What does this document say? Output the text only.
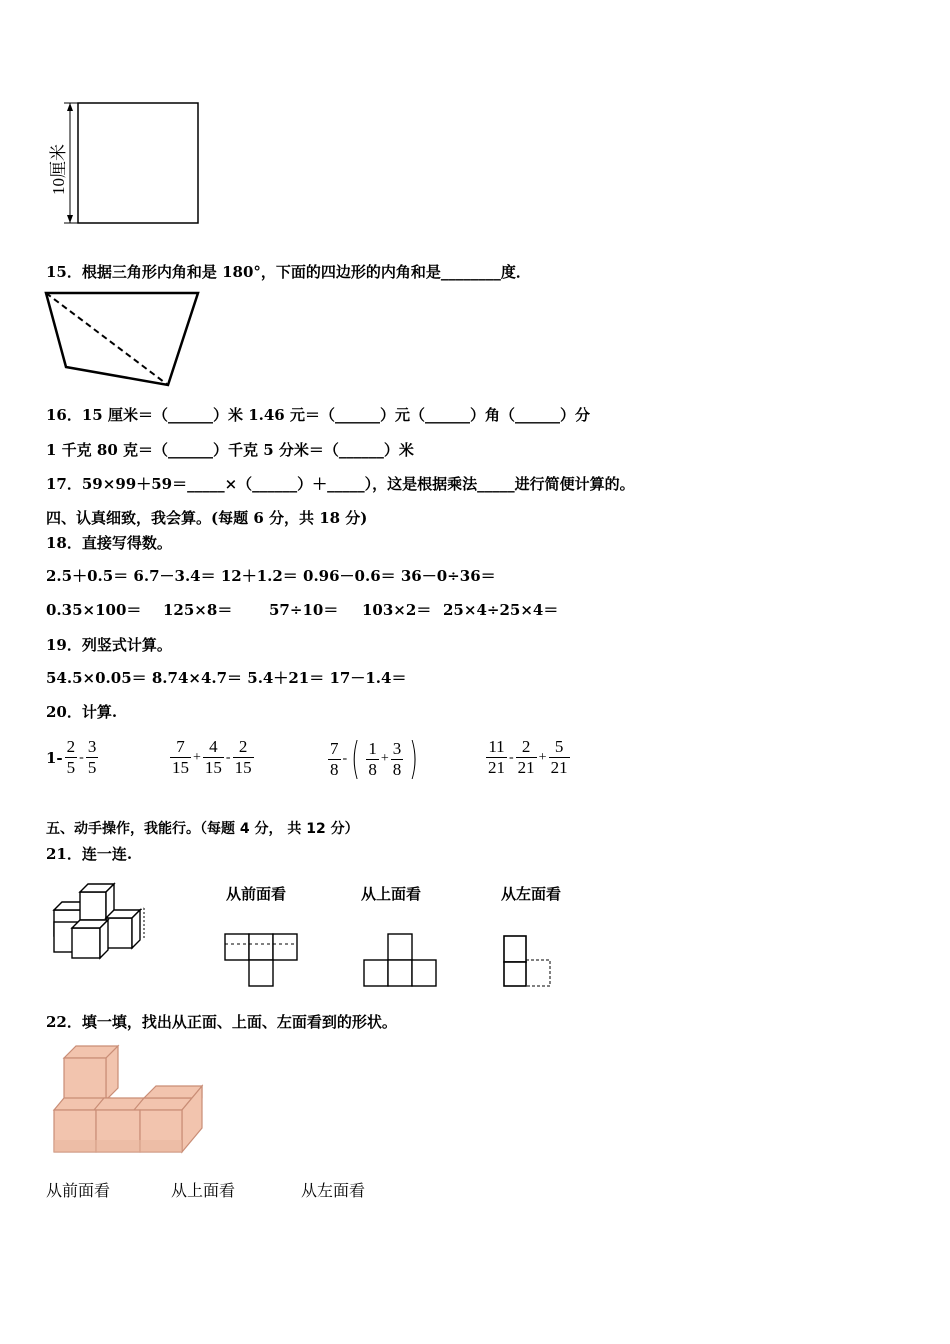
10厘米
15．根据三角形内角和是 180°，下面的四边形的内角和是________度．
16．15 厘米＝（______）米 1.46 元＝（______）元（______）角（______）分
1 千克 80 克＝（______）千克 5 分米＝（______）米
17．59×99＋59＝_____×（______）＋_____），这是根据乘法_____进行简便计算的。
四、认真细致，我会算。(每题 6 分，共 18 分)
18．直接写得数。
2.5＋0.5＝ 6.7－3.4＝ 12＋1.2＝ 0.96－0.6＝ 36－0÷36＝
0.35×100＝ 125×8＝ 57÷10＝ 103×2＝ 25×4÷25×4＝
19．列竖式计算。
54.5×0.05＝ 8.74×4.7＝ 5.4＋21＝ 17－1.4＝
20．计算.
$1- \frac{2}{5} - \frac{3}{5}$	$\frac{7}{15} + \frac{4}{15} - \frac{2}{15}$	$\frac{7}{8}$ - ( $\frac{1}{8} + \frac{3}{8}$ )	$\frac{11}{21} - \frac{2}{21} + \frac{5}{21}$
五、动手操作，我能行。（每题 4 分， 共 12 分）
21．连一连.
从前面看	从上面看	从左面看
22．填一填，找出从正面、上面、左面看到的形状。
从前面看	从上面看	从左面看
